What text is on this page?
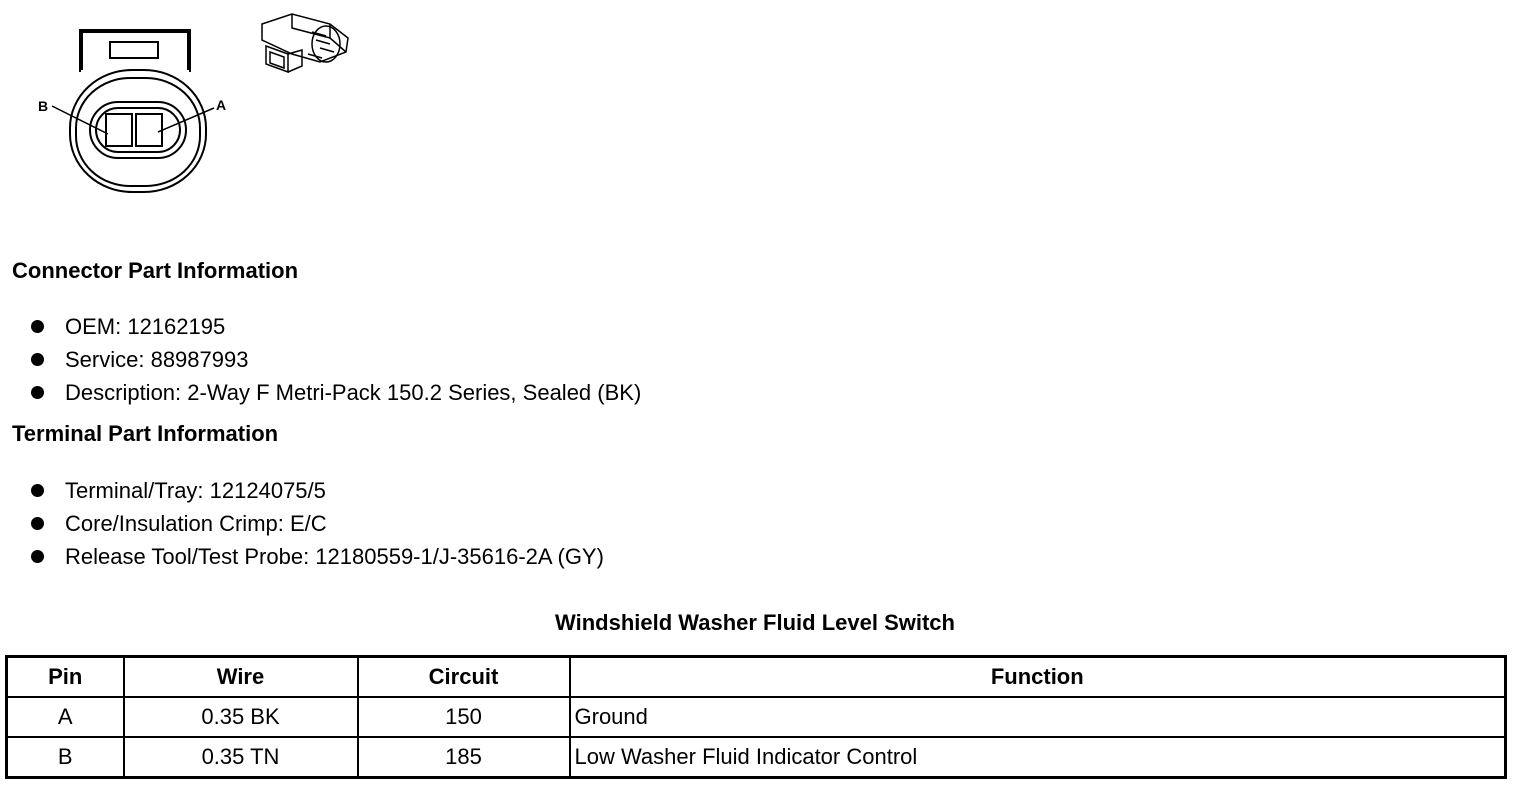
B	A
Connector Part Information
OEM: 12162195
Service: 88987993
Description: 2-Way F Metri-Pack 150.2 Series, Sealed (BK)
Terminal Part Information
Terminal/Tray: 12124075/5
Core/Insulation Crimp: E/C
Release Tool/Test Probe: 12180559-1/J-35616-2A (GY)
Windshield Washer Fluid Level Switch
Pin	Wire	Circuit	Function
A	0.35 BK	150	Ground
B	0.35 TN	185	Low Washer Fluid Indicator Control
